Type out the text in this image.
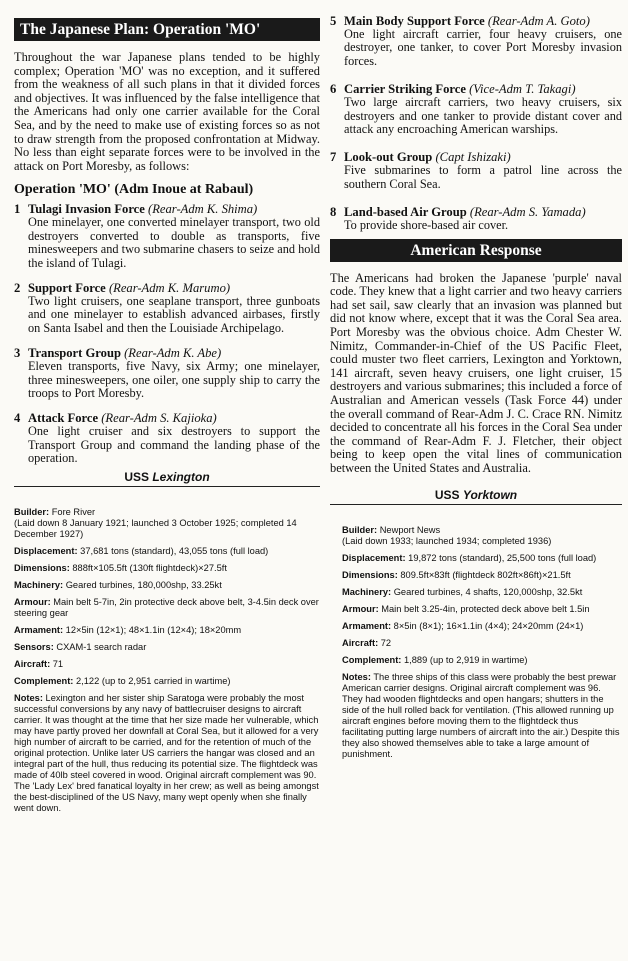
The Japanese Plan: Operation 'MO'

Throughout the war Japanese plans tended to be highly complex; Operation 'MO' was no exception, and it suffered from the weakness of all such plans in that it divided forces and objectives. It was influenced by the false intelligence that the Americans had only one carrier available for the Coral Sea, and by the need to make use of existing forces so as not to draw strength from the proposed confrontation at Midway. No less than eight separate forces were to be involved in the attack on Port Moresby, as follows:

Operation 'MO' (Adm Inoue at Rabaul)

1 Tulagi Invasion Force (Rear-Adm K. Shima)
One minelayer, one converted minelayer transport, two old destroyers converted to double as transports, five minesweepers and two submarine chasers to seize and hold the island of Tulagi.
2 Support Force (Rear-Adm K. Marumo)
Two light cruisers, one seaplane transport, three gunboats and one minelayer to establish advanced airbases, firstly on Santa Isabel and then the Louisiade Archipelago.
3 Transport Group (Rear-Adm K. Abe)
Eleven transports, five Navy, six Army; one minelayer, three minesweepers, one oiler, one supply ship to carry the troops to Port Moresby.
4 Attack Force (Rear-Adm S. Kajioka)
One light cruiser and six destroyers to support the Transport Group and command the landing phase of the operation.
USS Lexington
Builder: Fore River
(Laid down 8 January 1921; launched 3 October 1925; completed 14 December 1927)
Displacement: 37,681 tons (standard), 43,055 tons (full load)
Dimensions: 888ft×105.5ft (130ft flightdeck)×27.5ft
Machinery: Geared turbines, 180,000shp, 33.25kt
Armour: Main belt 5-7in, 2in protective deck above belt, 3-4.5in deck over steering gear
Armament: 12×5in (12×1); 48×1.1in (12×4); 18×20mm
Sensors: CXAM-1 search radar
Aircraft: 71
Complement: 2,122 (up to 2,951 carried in wartime)
Notes: Lexington and her sister ship Saratoga were probably the most successful conversions by any navy of battlecruiser designs to aircraft carrier. It was thought at the time that her size made her vulnerable, which may have partly proved her downfall at Coral Sea, but it allowed for a very high number of aircraft to be carried, and for the retention of much of the original protection. Unlike later US carriers the hangar was closed and an integral part of the hull, thus reducing its potential size. The flightdeck was made of 40lb steel covered in wood. Original aircraft complement was 90. The 'Lady Lex' bred fanatical loyalty in her crew; as well as being amongst the best-disciplined of the US Navy, many wept openly when she finally went down.
5 Main Body Support Force (Rear-Adm A. Goto)
One light aircraft carrier, four heavy cruisers, one destroyer, one tanker, to cover Port Moresby invasion forces.
6 Carrier Striking Force (Vice-Adm T. Takagi)
Two large aircraft carriers, two heavy cruisers, six destroyers and one tanker to provide distant cover and attack any encroaching American warships.
7 Look-out Group (Capt Ishizaki)
Five submarines to form a patrol line across the southern Coral Sea.
8 Land-based Air Group (Rear-Adm S. Yamada)
To provide shore-based air cover.
American Response

The Americans had broken the Japanese 'purple' naval code. They knew that a light carrier and two heavy carriers had set sail, saw clearly that an invasion was planned but did not know where, except that it was the Coral Sea area. Port Moresby was the obvious choice. Adm Chester W. Nimitz, Commander-in-Chief of the US Pacific Fleet, could muster two fleet carriers, Lexington and Yorktown, 141 aircraft, seven heavy cruisers, one light cruiser, 15 destroyers and various submarines; this included a force of Australian and American vessels (Task Force 44) under the overall command of Rear-Adm J. C. Crace RN. Nimitz decided to concentrate all his forces in the Coral Sea under the command of Rear-Adm F. J. Fletcher, their object being to keep open the vital lines of communication between the United States and Australia.

USS Yorktown
Builder: Newport News
(Laid down 1933; launched 1934; completed 1936)
Displacement: 19,872 tons (standard), 25,500 tons (full load)
Dimensions: 809.5ft×83ft (flightdeck 802ft×86ft)×21.5ft
Machinery: Geared turbines, 4 shafts, 120,000shp, 32.5kt
Armour: Main belt 3.25-4in, protected deck above belt 1.5in
Armament: 8×5in (8×1); 16×1.1in (4×4); 24×20mm (24×1)
Aircraft: 72
Complement: 1,889 (up to 2,919 in wartime)
Notes: The three ships of this class were probably the best prewar American carrier designs. Original aircraft complement was 96. They had wooden flightdecks and open hangars; shutters in the side of the hull rolled back for ventilation. (This allowed running up aircraft engines before moving them to the flightdeck thus facilitating putting large numbers of aircraft into the air.) Despite this they also showed themselves able to take a large amount of punishment.
